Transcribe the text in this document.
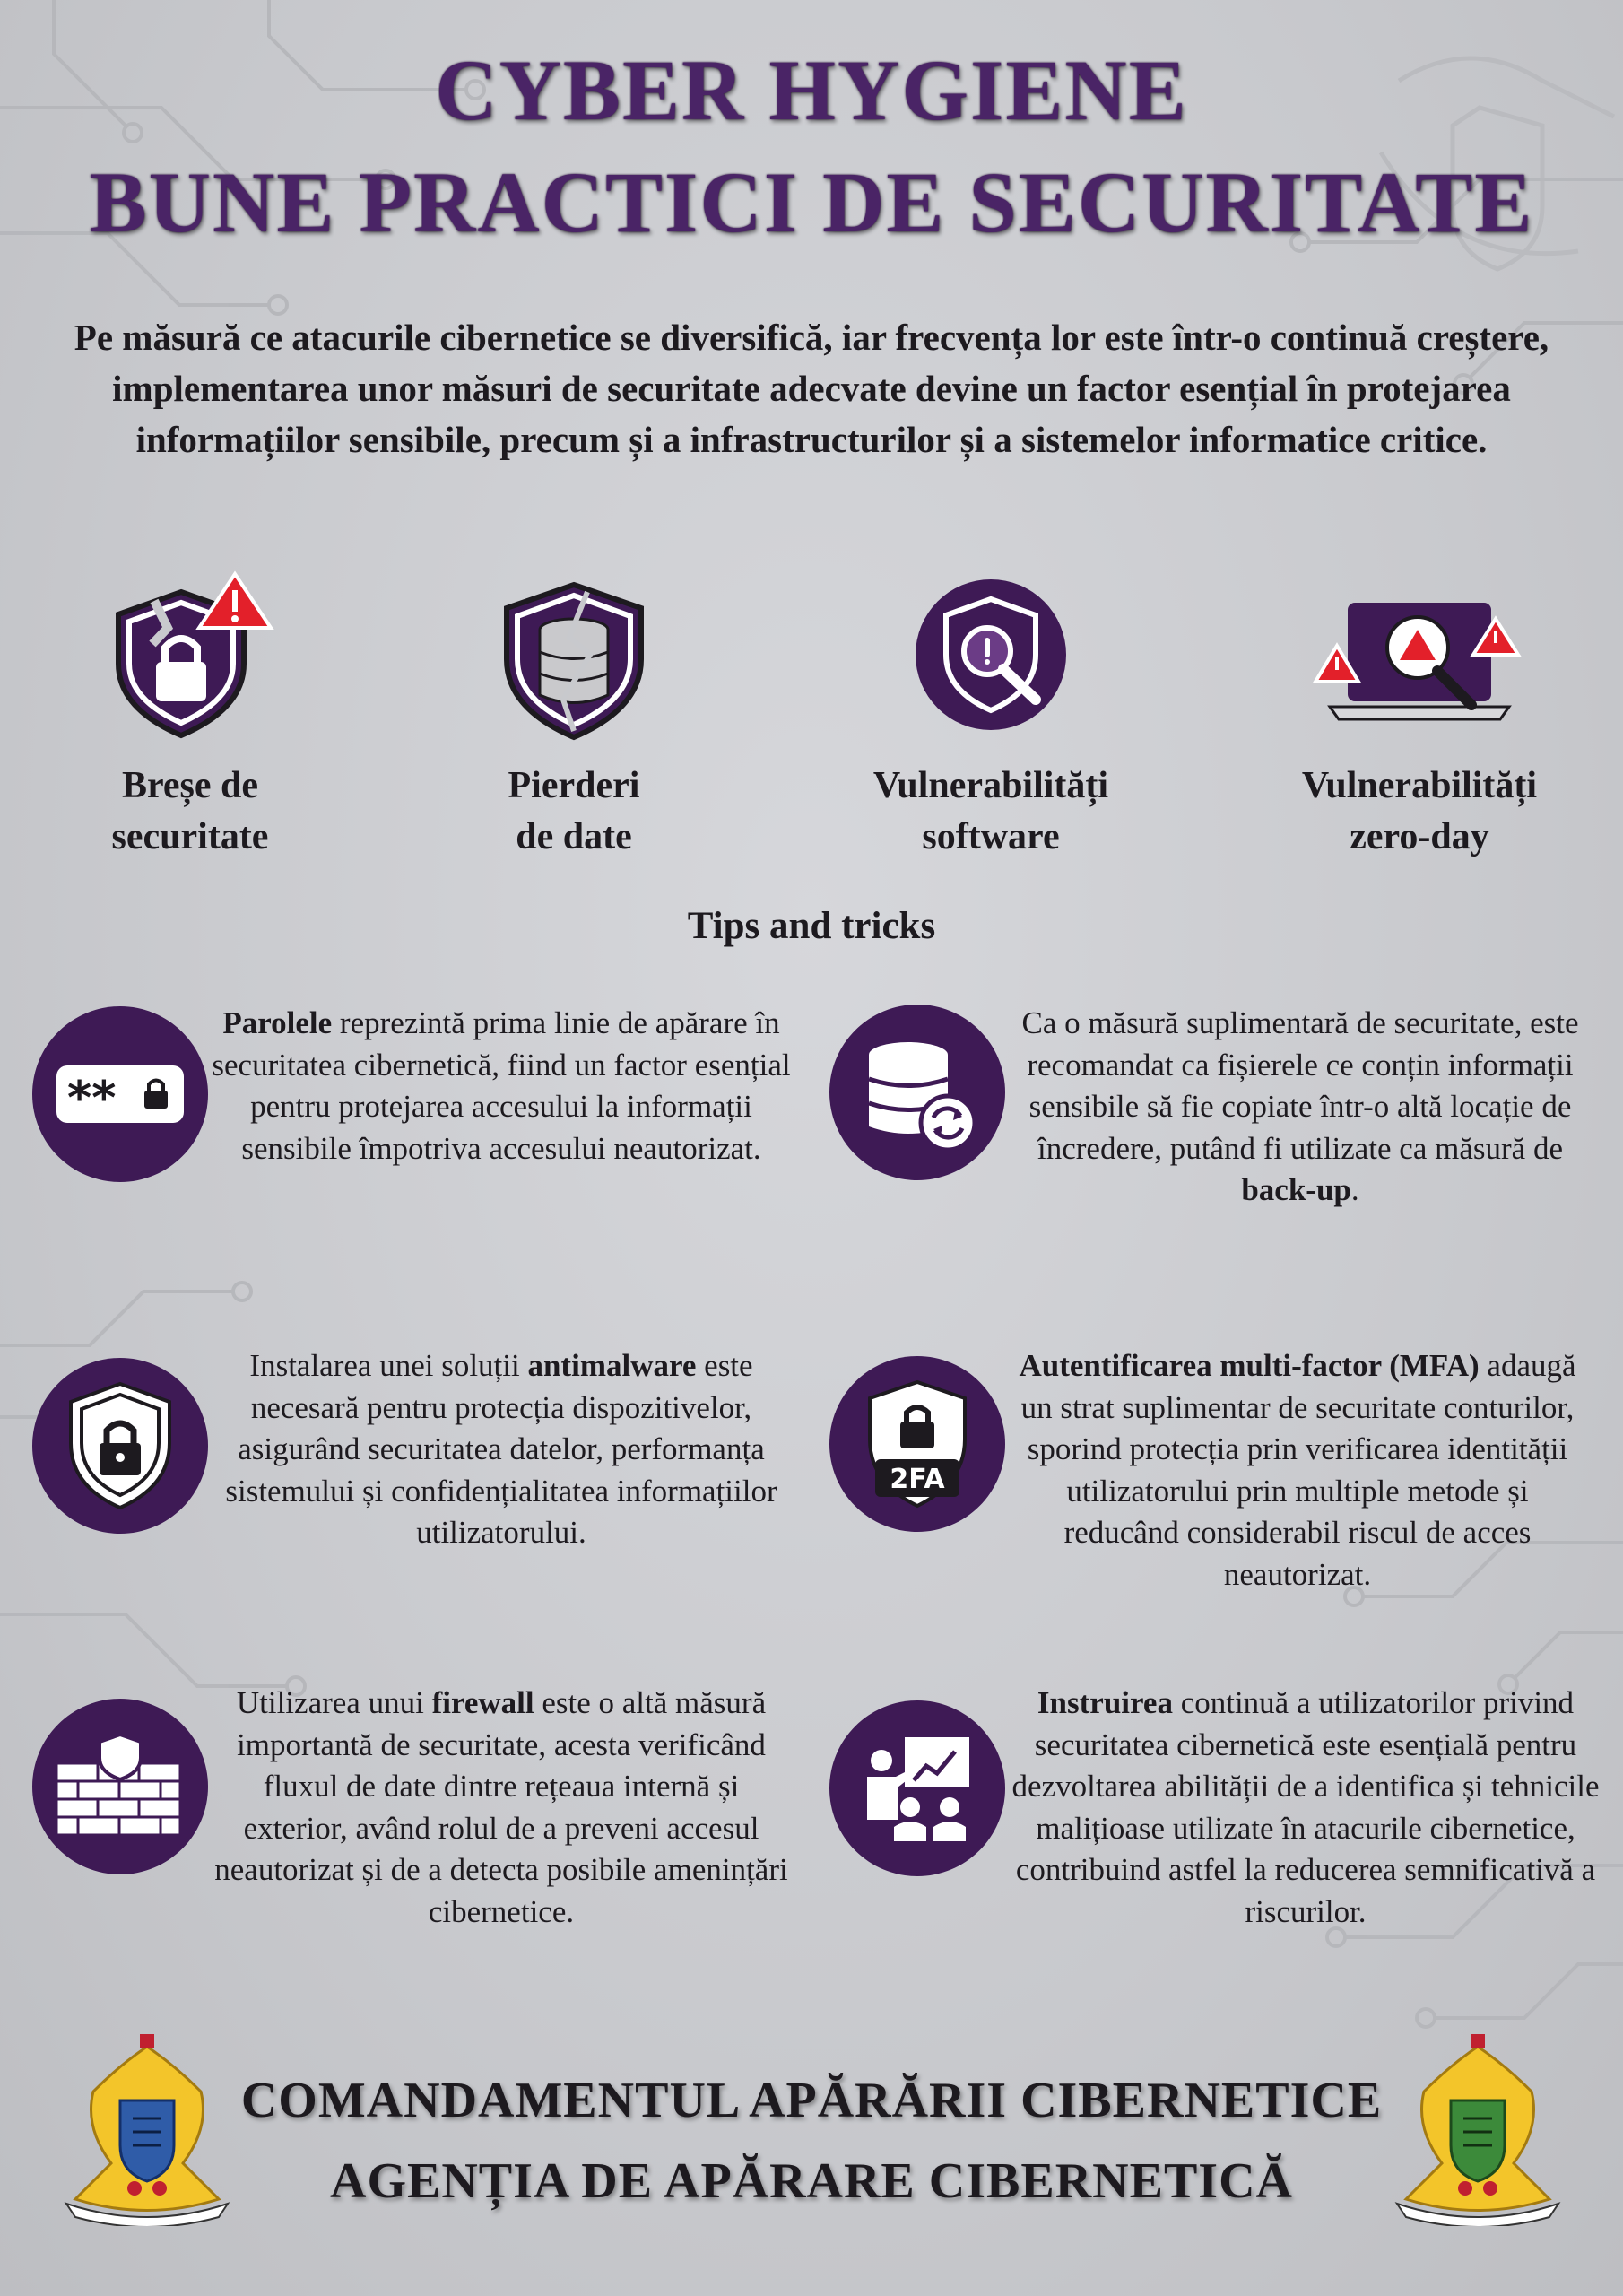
CYBER HYGIENE
BUNE PRACTICI DE SECURITATE
Pe măsură ce atacurile cibernetice se diversifică, iar frecvența lor este într-o continuă creștere, implementarea unor măsuri de securitate adecvate devine un factor esențial în protejarea informațiilor sensibile, precum și a infrastructurilor și a sistemelor informatice critice.
Breșe de
securitate
Pierderi
de date
Vulnerabilități
software
Vulnerabilități
zero-day
Tips and tricks
**
Parolele reprezintă prima linie de apărare în securitatea cibernetică, fiind un factor esențial pentru protejarea accesului la informații sensibile împotriva accesului neautorizat.
Ca o măsură suplimentară de securitate, este recomandat ca fișierele ce conțin informații sensibile să fie copiate într-o altă locație de încredere, putând fi utilizate ca măsură de back-up.
Instalarea unei soluții antimalware este necesară pentru protecția dispozitivelor, asigurând securitatea datelor, performanța sistemului și confidențialitatea informațiilor utilizatorului.
2FA
Autentificarea multi-factor (MFA) adaugă un strat suplimentar de securitate conturilor, sporind protecția prin verificarea identității utilizatorului prin multiple metode și reducând considerabil riscul de acces neautorizat.
Utilizarea unui firewall este o altă măsură importantă de securitate, acesta verificând fluxul de date dintre rețeaua internă și exterior, având rolul de a preveni accesul neautorizat și de a detecta posibile amenințări cibernetice.
Instruirea continuă a utilizatorilor privind securitatea cibernetică este esențială pentru dezvoltarea abilității de a identifica și tehnicile malițioase utilizate în atacurile cibernetice, contribuind astfel la reducerea semnificativă a riscurilor.
COMANDAMENTUL APĂRĂRII CIBERNETICE
AGENȚIA DE APĂRARE CIBERNETICĂ
